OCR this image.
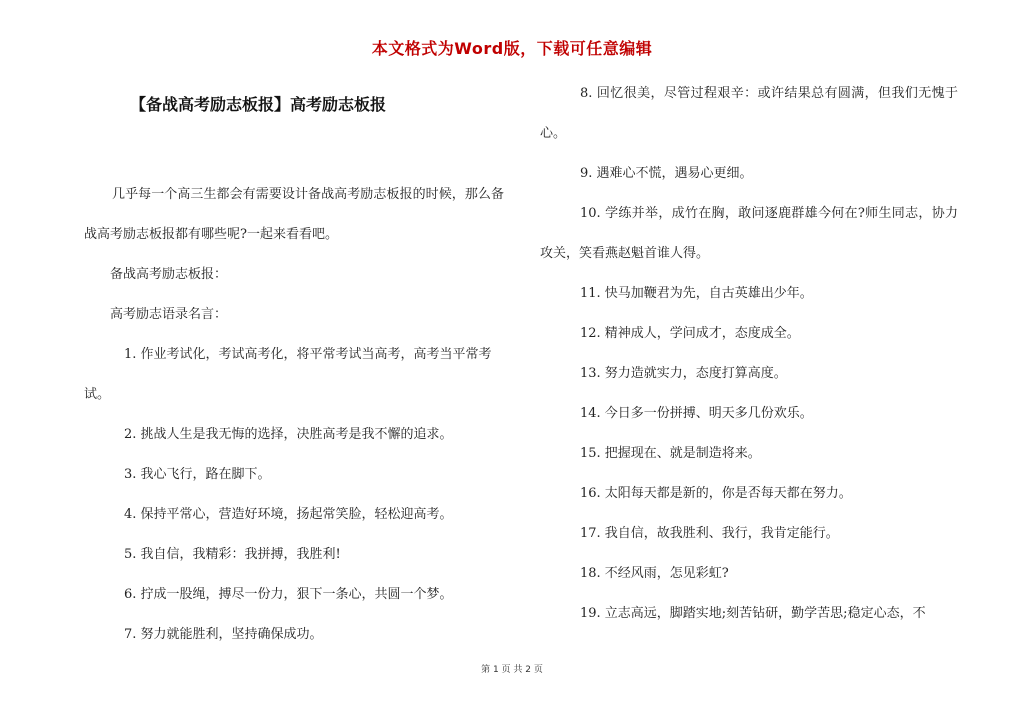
本文格式为Word版，下载可任意编辑
【备战高考励志板报】高考励志板报

几乎每一个高三生都会有需要设计备战高考励志板报的时候，那么备战高考励志板报都有哪些呢?一起来看看吧。

备战高考励志板报：

高考励志语录名言：

1. 作业考试化，考试高考化，将平常考试当高考，高考当平常考试。

2. 挑战人生是我无悔的选择，决胜高考是我不懈的追求。

3. 我心飞行，路在脚下。

4. 保持平常心，营造好环境，扬起常笑脸，轻松迎高考。

5. 我自信，我精彩：我拼搏，我胜利!

6. 拧成一股绳，搏尽一份力，狠下一条心，共圆一个梦。

7. 努力就能胜利，坚持确保成功。

8. 回忆很美，尽管过程艰辛：或许结果总有圆满，但我们无愧于心。

9. 遇难心不慌，遇易心更细。

10. 学练并举，成竹在胸，敢问逐鹿群雄今何在?师生同志，协力攻关，笑看燕赵魁首谁人得。

11. 快马加鞭君为先，自古英雄出少年。

12. 精神成人，学问成才，态度成全。

13. 努力造就实力，态度打算高度。

14. 今日多一份拼搏、明天多几份欢乐。

15. 把握现在、就是制造将来。

16. 太阳每天都是新的，你是否每天都在努力。

17. 我自信，故我胜利、我行，我肯定能行。

18. 不经风雨，怎见彩虹?

19. 立志高远，脚踏实地;刻苦钻研，勤学苦思;稳定心态，不

第 1 页 共 2 页
